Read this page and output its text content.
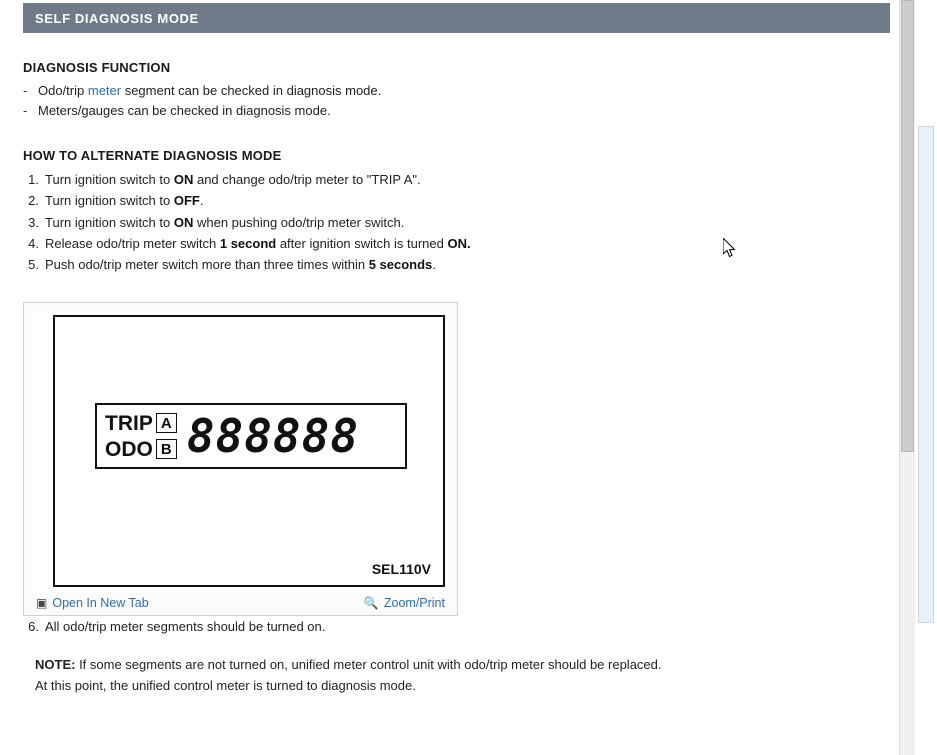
SELF DIAGNOSIS MODE
DIAGNOSIS FUNCTION
- Odo/trip meter segment can be checked in diagnosis mode.
- Meters/gauges can be checked in diagnosis mode.
HOW TO ALTERNATE DIAGNOSIS MODE
1. Turn ignition switch to ON and change odo/trip meter to "TRIP A".
2. Turn ignition switch to OFF.
3. Turn ignition switch to ON when pushing odo/trip meter switch.
4. Release odo/trip meter switch 1 second after ignition switch is turned ON.
5. Push odo/trip meter switch more than three times within 5 seconds.
TRIP A
ODO B 888888
SEL110V
▣ Open In New Tab	🔍 Zoom/Print
6. All odo/trip meter segments should be turned on.
NOTE: If some segments are not turned on, unified meter control unit with odo/trip meter should be replaced.
At this point, the unified control meter is turned to diagnosis mode.
